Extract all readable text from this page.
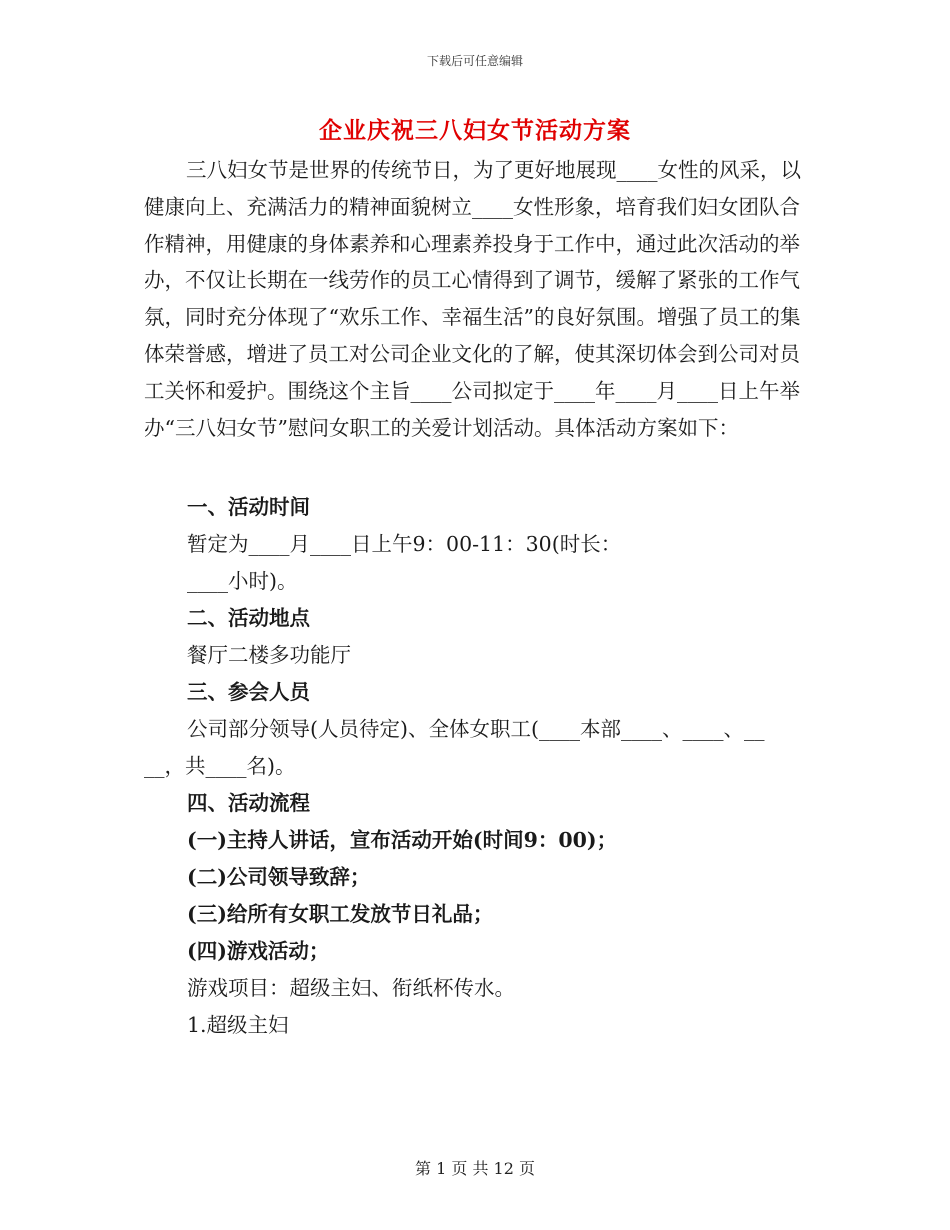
下载后可任意编辑
企业庆祝三八妇女节活动方案
三八妇女节是世界的传统节日，为了更好地展现____女性的风采，以健康向上、充满活力的精神面貌树立____女性形象，培育我们妇女团队合作精神，用健康的身体素养和心理素养投身于工作中，通过此次活动的举办，不仅让长期在一线劳作的员工心情得到了调节，缓解了紧张的工作气氛，同时充分体现了“欢乐工作、幸福生活”的良好氛围。增强了员工的集体荣誉感，增进了员工对公司企业文化的了解，使其深切体会到公司对员工关怀和爱护。围绕这个主旨____公司拟定于____年____月____日上午举办“三八妇女节”慰问女职工的关爱计划活动。具体活动方案如下：
一、活动时间
暂定为____月____日上午9：00-11：30(时长：
____小时)。
二、活动地点
餐厅二楼多功能厅
三、参会人员
公司部分领导(人员待定)、全体女职工(____本部____、____、__
__，共____名)。
四、活动流程
(一)主持人讲话，宣布活动开始(时间9：00)；
(二)公司领导致辞；
(三)给所有女职工发放节日礼品；
(四)游戏活动；
游戏项目：超级主妇、衔纸杯传水。
1.超级主妇
第 1 页 共 12 页
